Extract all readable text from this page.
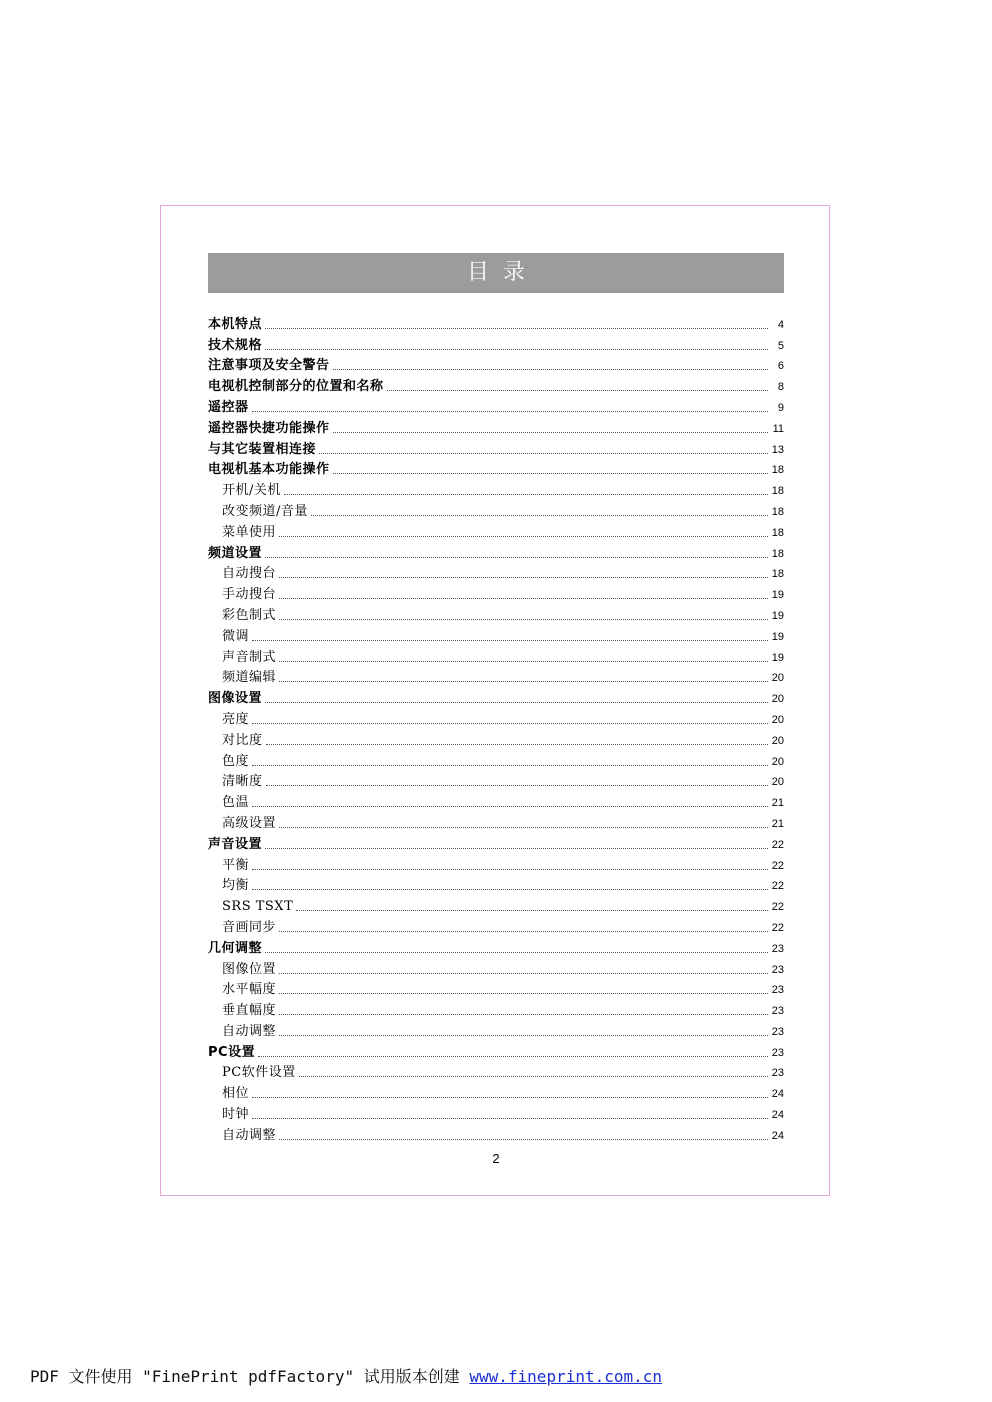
目录
本机特点	4
技术规格	5
注意事项及安全警告	6
电视机控制部分的位置和名称	8
遥控器	9
遥控器快捷功能操作	11
与其它装置相连接	13
电视机基本功能操作	18
开机/关机	18
改变频道/音量	18
菜单使用	18
频道设置	18
自动搜台	18
手动搜台	19
彩色制式	19
微调	19
声音制式	19
频道编辑	20
图像设置	20
亮度	20
对比度	20
色度	20
清晰度	20
色温	21
高级设置	21
声音设置	22
平衡	22
均衡	22
SRS TSXT	22
音画同步	22
几何调整	23
图像位置	23
水平幅度	23
垂直幅度	23
自动调整	23
PC设置	23
PC软件设置	23
相位	24
时钟	24
自动调整	24
2
PDF 文件使用 "FinePrint pdfFactory" 试用版本创建 www.fineprint.com.cn
